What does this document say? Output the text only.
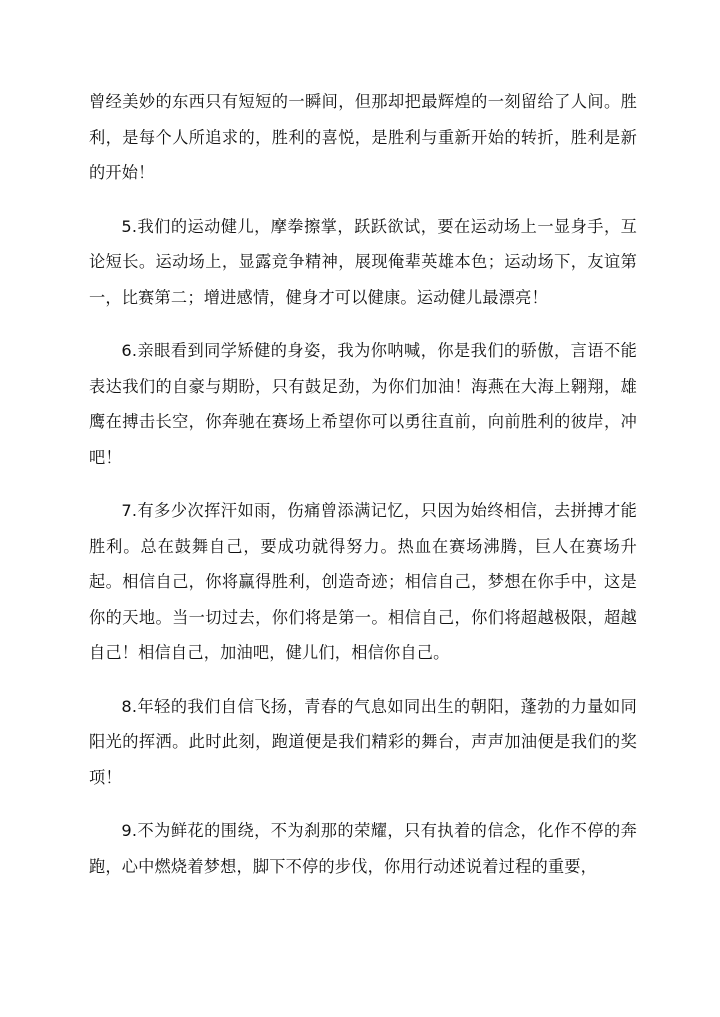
曾经美妙的东西只有短短的一瞬间，但那却把最辉煌的一刻留给了人间。胜利，是每个人所追求的，胜利的喜悦，是胜利与重新开始的转折，胜利是新的开始！

5.我们的运动健儿，摩拳擦掌，跃跃欲试，要在运动场上一显身手，互论短长。运动场上，显露竞争精神，展现俺辈英雄本色；运动场下，友谊第一，比赛第二；增进感情，健身才可以健康。运动健儿最漂亮！

6.亲眼看到同学矫健的身姿，我为你呐喊，你是我们的骄傲，言语不能表达我们的自豪与期盼，只有鼓足劲，为你们加油！海燕在大海上翱翔，雄鹰在搏击长空，你奔驰在赛场上希望你可以勇往直前，向前胜利的彼岸，冲吧！

7.有多少次挥汗如雨，伤痛曾添满记忆，只因为始终相信，去拼搏才能胜利。总在鼓舞自己，要成功就得努力。热血在赛场沸腾，巨人在赛场升起。相信自己，你将赢得胜利，创造奇迹；相信自己，梦想在你手中，这是你的天地。当一切过去，你们将是第一。相信自己，你们将超越极限，超越自己！相信自己，加油吧，健儿们，相信你自己。

8.年轻的我们自信飞扬，青春的气息如同出生的朝阳，蓬勃的力量如同阳光的挥洒。此时此刻，跑道便是我们精彩的舞台，声声加油便是我们的奖项！

9.不为鲜花的围绕，不为刹那的荣耀，只有执着的信念，化作不停的奔跑，心中燃烧着梦想，脚下不停的步伐，你用行动述说着过程的重要，
